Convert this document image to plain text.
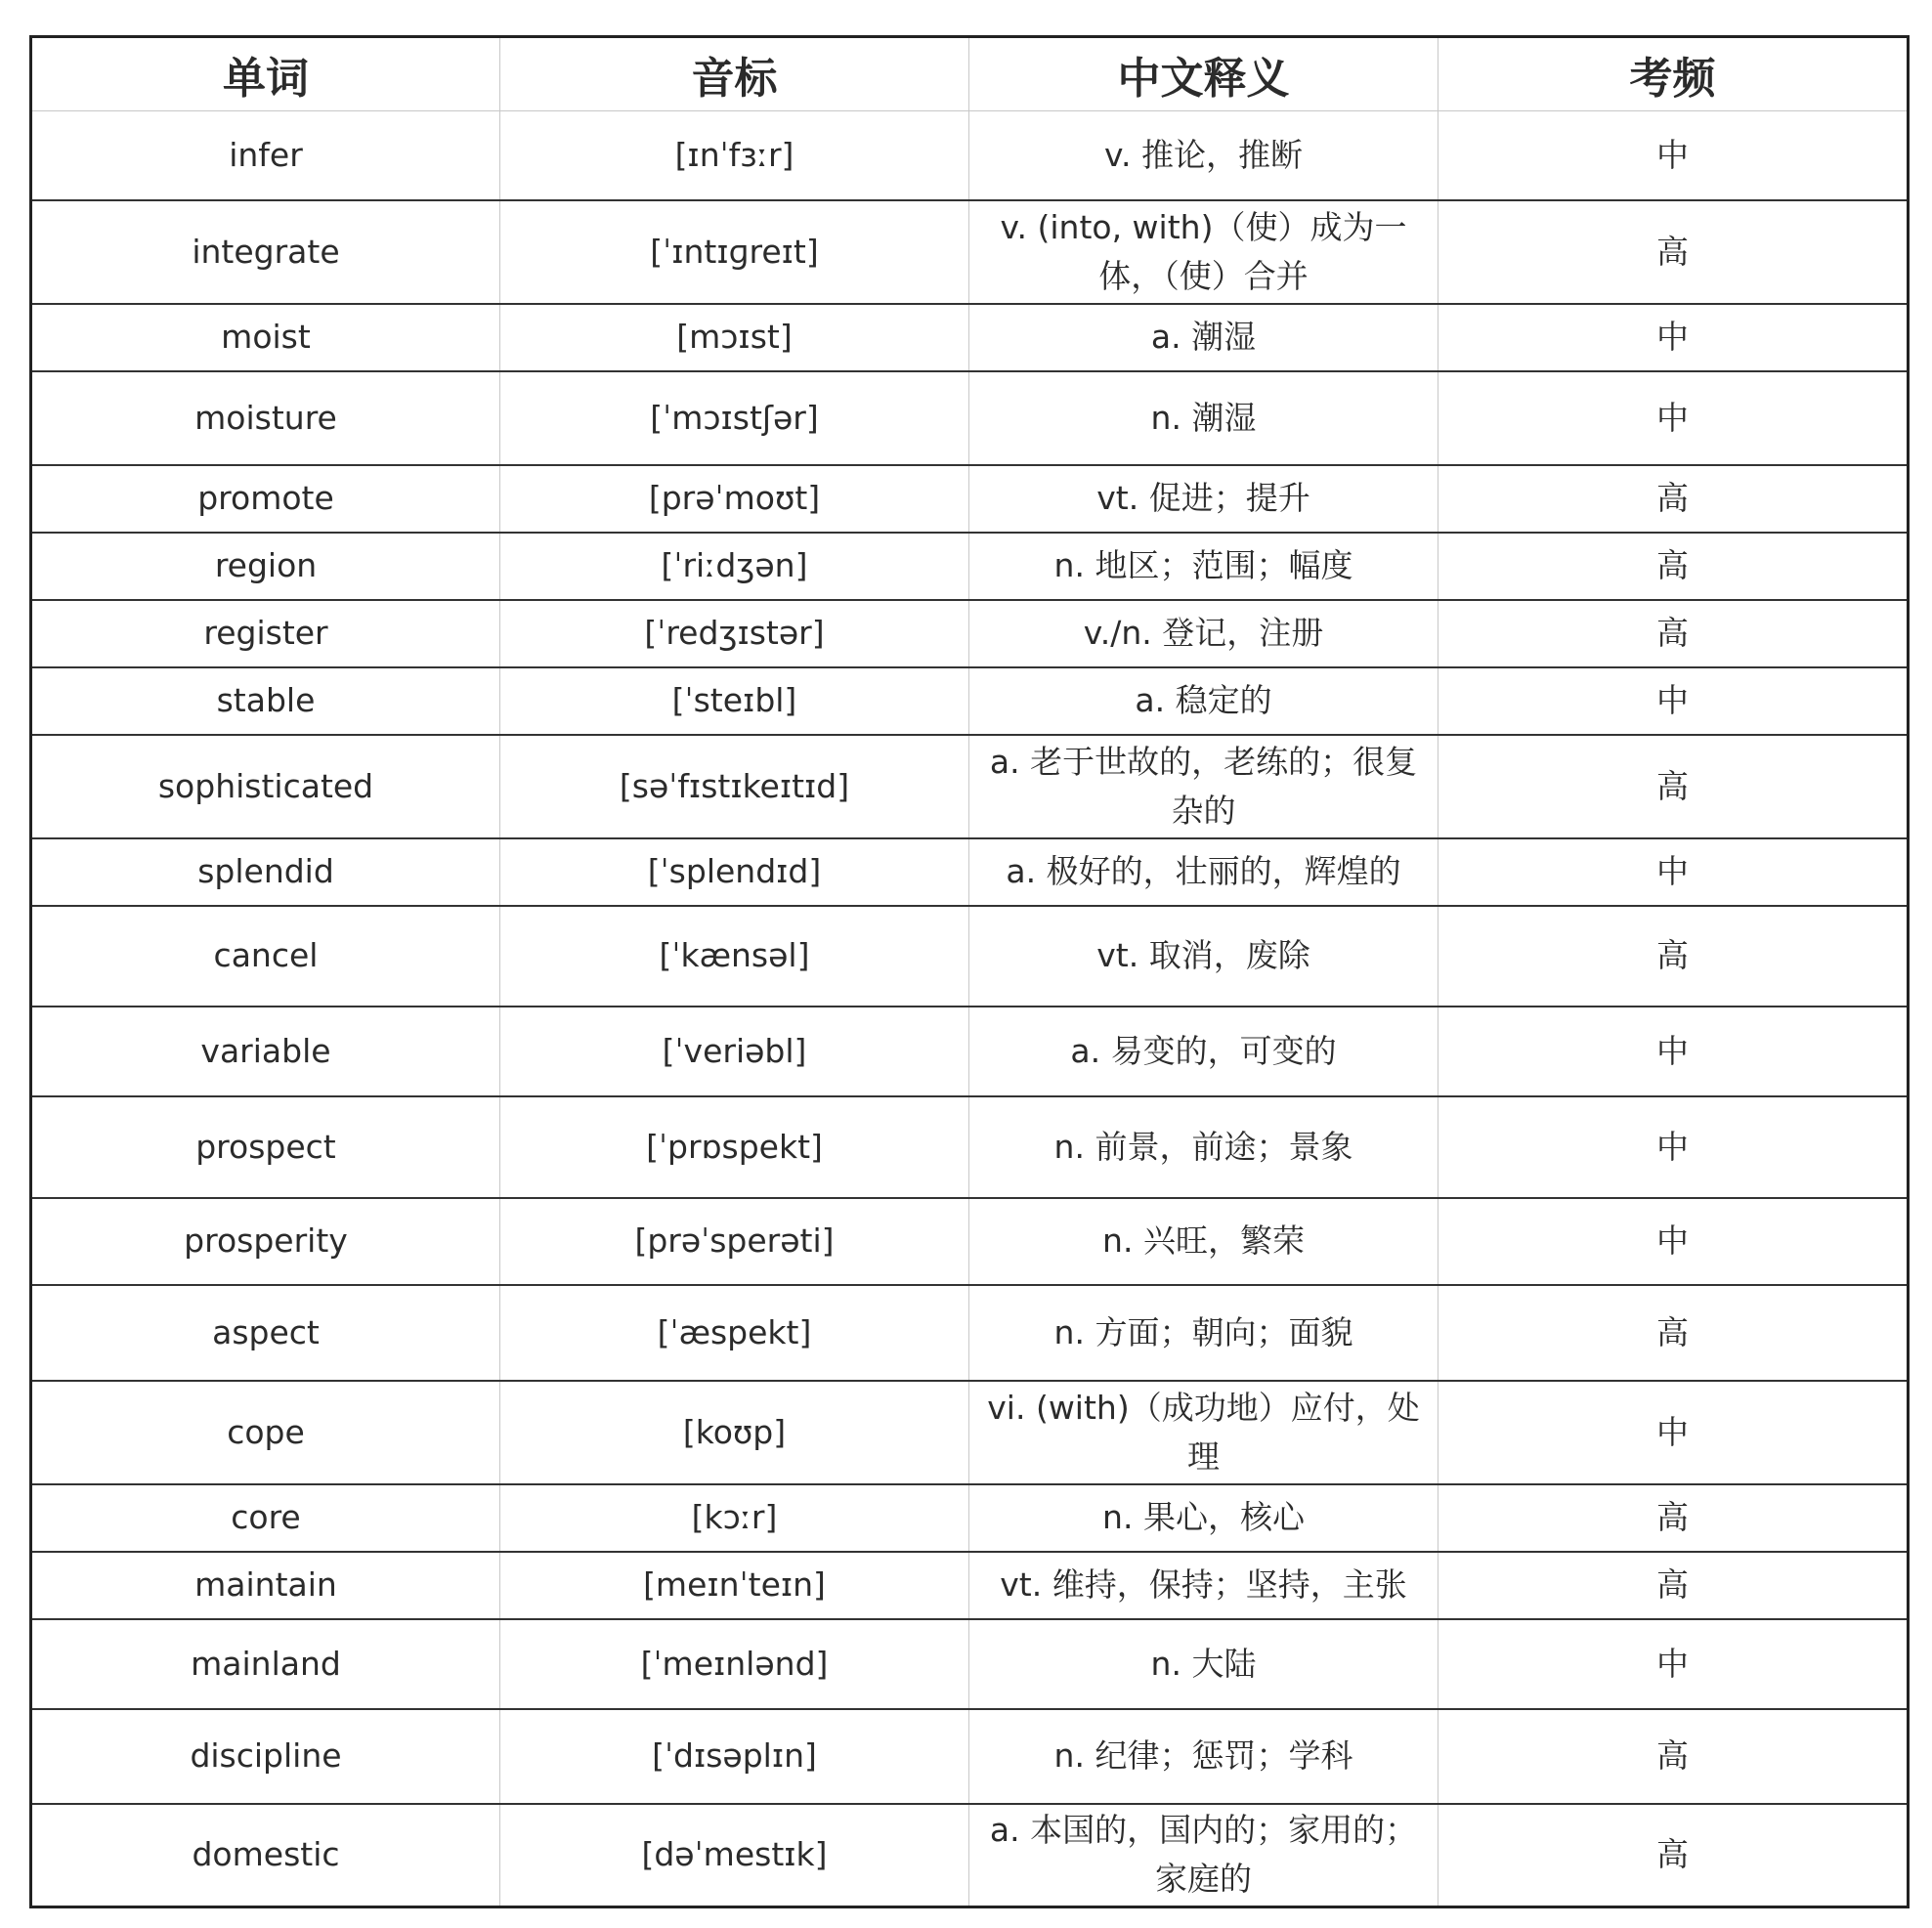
单词	音标	中文释义	考频
infer	[ɪnˈfɜːr]	v. 推论，推断	中
integrate	[ˈɪntɪɡreɪt]	v. (into, with)（使）成为一体，（使）合并	高
moist	[mɔɪst]	a. 潮湿	中
moisture	[ˈmɔɪstʃər]	n. 潮湿	中
promote	[prəˈmoʊt]	vt. 促进；提升	高
region	[ˈriːdʒən]	n. 地区；范围；幅度	高
register	[ˈredʒɪstər]	v./n. 登记，注册	高
stable	[ˈsteɪbl]	a. 稳定的	中
sophisticated	[səˈfɪstɪkeɪtɪd]	a. 老于世故的，老练的；很复杂的	高
splendid	[ˈsplendɪd]	a. 极好的，壮丽的，辉煌的	中
cancel	[ˈkænsəl]	vt. 取消，废除	高
variable	[ˈveriəbl]	a. 易变的，可变的	中
prospect	[ˈprɒspekt]	n. 前景，前途；景象	中
prosperity	[prəˈsperəti]	n. 兴旺，繁荣	中
aspect	[ˈæspekt]	n. 方面；朝向；面貌	高
cope	[koʊp]	vi. (with)（成功地）应付，处理	中
core	[kɔːr]	n. 果心，核心	高
maintain	[meɪnˈteɪn]	vt. 维持，保持；坚持，主张	高
mainland	[ˈmeɪnlənd]	n. 大陆	中
discipline	[ˈdɪsəplɪn]	n. 纪律；惩罚；学科	高
domestic	[dəˈmestɪk]	a. 本国的，国内的；家用的；家庭的	高
